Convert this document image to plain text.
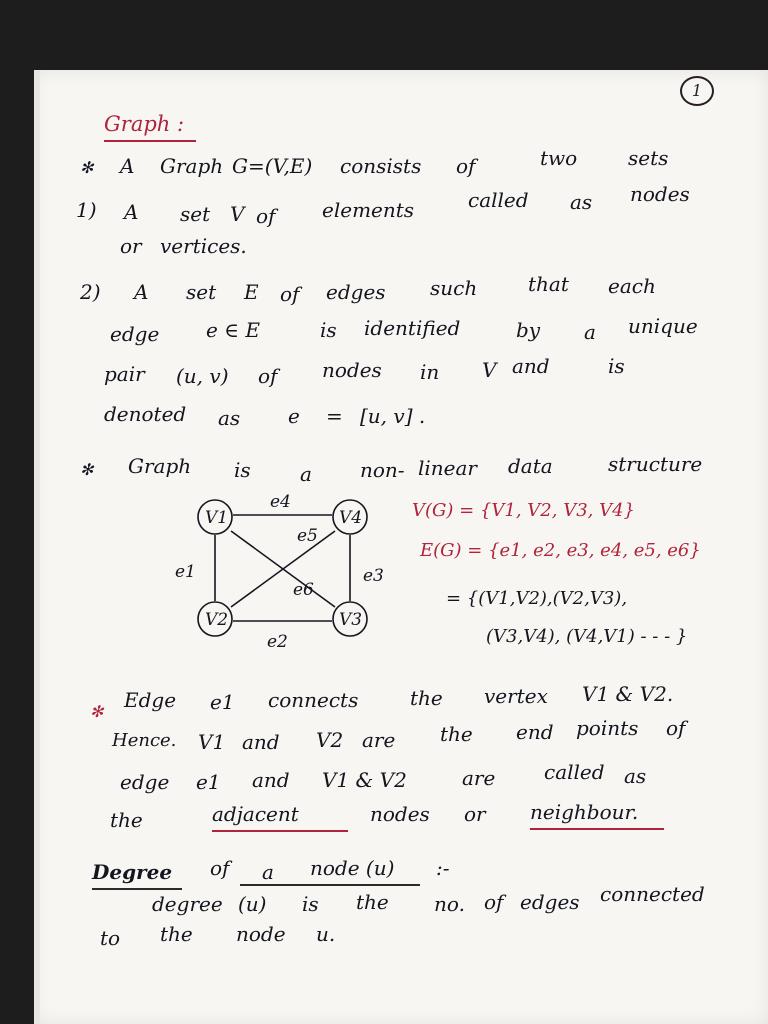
1
Graph :
✻ A Graph G=(V,E) consists of	two	sets
1) A set V of elements	called as nodes
or vertices.
2) A set E of edges such	that each
edge e ∈ E	is identified	by a unique
pair (u, v) of nodes in V and	is
denoted as e = [u, v] .
✻ Graph is a non- linear data	structure
V1
V2	V3
V4
e1
e2
e3
e4
e5
e6
V(G) = {V1, V2, V3, V4}
E(G) = {e1, e2, e3, e4, e5, e6}
= {(V1,V2),(V2,V3),
(V3,V4), (V4,V1) - - - }
✻ Edge e1 connects	the vertex V1 & V2.
Hence. V1 and V2 are the end points of
edge e1 and V1 & V2	are called as
the	adjacent	nodes or neighbour.
Degree of a node (u) :-
degree (u) is the no. of edges connected
to the node u.
